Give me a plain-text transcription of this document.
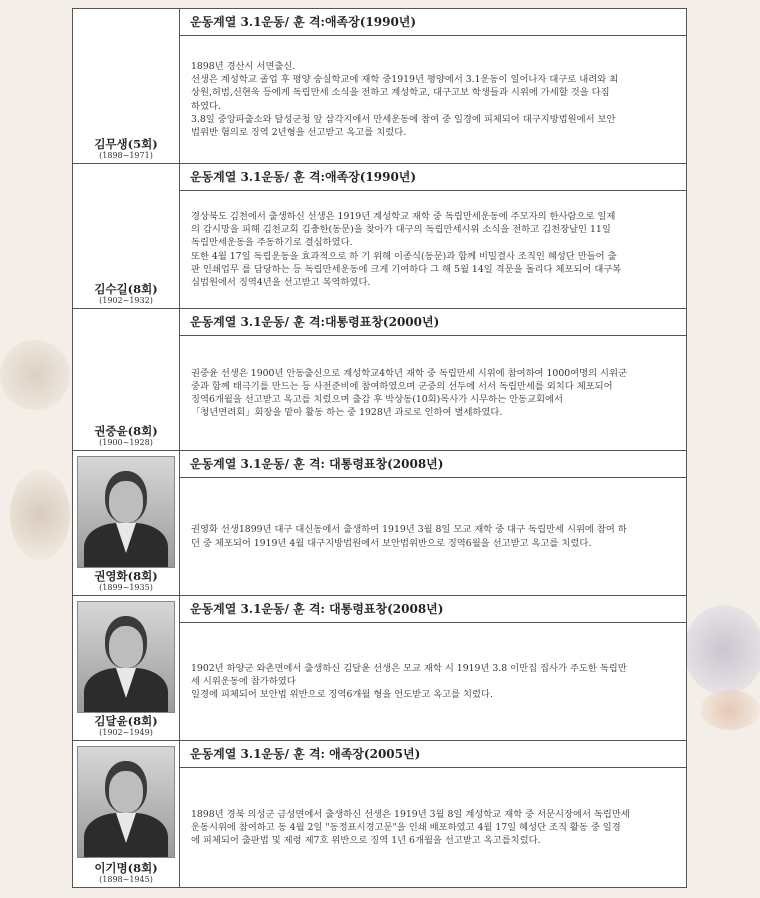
김무생(5회)
(1898~1971)
운동계열 3.1운동/ 훈 격:애족장(1990년)
1898년 경산시 서면출신.
선생은 계성학교 졸업 후 평양 숭실학교에 재학 중1919년 평양에서 3.1운동이 일어나자 대구로 내려와 최
상원,허범,신현욱 등에게 독립만세 소식을 전하고 계성학교, 대구고보 학생들과 시위에 가세할 것을 다짐
하였다.
3.8일 중앙파출소와 달성군청 앞 삼각지에서 만세운동에 참여 중 일경에 피체되어 대구지방법원에서 보안
법위반 혐의로 징역 2년형을 선고받고 옥고를 치렀다.
김수길(8회)
(1902~1932)
운동계열 3.1운동/ 훈 격:애족장(1990년)
경상북도 김천에서 출생하신 선생은 1919년 계성학교 재학 중 독립만세운동에 주모자의 한사람으로 일제
의 감시망을 피해 김천교회 김충한(동문)을 찾아가 대구의 독립만세시위 소식을 전하고 김천장날인 11일
독립만세운동을 주동하기로 결심하였다.
또한 4월 17일 독립운동을 효과적으로 하 기 위해 이종식(동문)과 함께 비밀결사 조직인 혜성단 만들어 출
판 인쇄업무 를 담당하는 등 독립만세운동에 크게 기여하다 그 해 5월 14일 격문을 돌리다 체포되어 대구복
심법원에서 징역4년을 선고받고 복역하였다.
권중윤(8회)
(1900~1928)
운동계열 3.1운동/ 훈 격:대통령표창(2000년)
권중윤 선생은 1900년 안동출신으로 계성학교4학년 재학 중 독립만세 시위에 참여하여 1000여명의 시위군
중과 함께 태극기를 만드는 등 사전준비에 참여하였으며 군중의 선두에 서서 독립만세를 외치다 체포되어
징역6개월을 선고받고 옥고를 치렀으며 출감 후 박상동(10회)목사가 시무하는 안동교회에서
「청년면려회」회장을 맡아 활동 하는 중 1928년 과로로 인하여 별세하였다.
권영화(8회)
(1899~1935)
운동계열 3.1운동/ 훈 격: 대통령표창(2008년)
권영화 선생1899년 대구 대신동에서 출생하여 1919년 3월 8일 모교 재학 중 대구 독립만세 시위에 참여 하
던 중 체포되어 1919년 4월 대구지방법원에서 보안법위반으로 징역6월을 선고받고 옥고를 치렀다.
김달윤(8회)
(1902~1949)
운동계열 3.1운동/ 훈 격: 대통령표창(2008년)
1902년 하양군 와촌면에서 출생하신 김달윤 선생은 모교 재학 시 1919년 3.8 이만집 집사가 주도한 독립만
세 시위운동에 참가하였다
일경에 피체되어 보안법 위반으로 징역6개월 형을 언도받고 옥고를 치렀다.
이기명(8회)
(1898~1945)
운동계열 3.1운동/ 훈 격: 애족장(2005년)
1898년 경북 의성군 금성면에서 출생하신 선생은 1919년 3월 8일 계성학교 재학 중 서문시장에서 독립만세
운동시위에 참여하고 동 4월 2일 "동정표시경고문"을 인쇄 배포하였고 4월 17일 혜성단 조직 활동 중 일경
에 피체되어 출판법 및 제령 제7호 위반으로 징역 1년 6개월을 선고받고 옥고를치렀다.
